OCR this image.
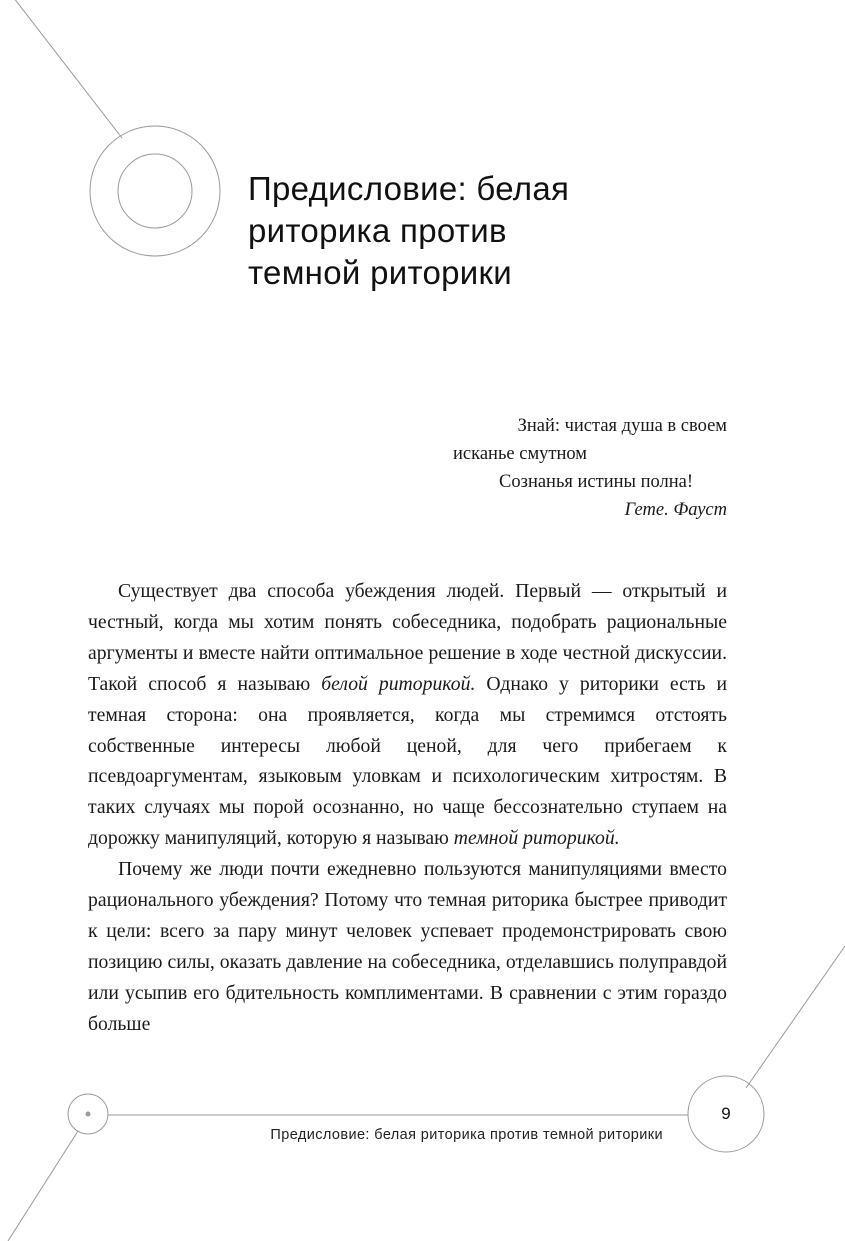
Предисловие: белая
риторика против
темной риторики
Знай: чистая душа в своем
исканье смутном
Сознанья истины полна!
Гете. Фауст

Существует два способа убеждения людей. Первый — открытый и честный, когда мы хотим понять собеседника, подобрать рациональные аргументы и вместе найти оптимальное решение в ходе честной дискуссии. Такой способ я называю белой риторикой. Однако у риторики есть и темная сторона: она проявляется, когда мы стремимся отстоять собственные интересы любой ценой, для чего прибегаем к псевдоаргументам, языковым уловкам и психологическим хитростям. В таких случаях мы порой осознанно, но чаще бессознательно ступаем на дорожку манипуляций, которую я называю темной риторикой.

Почему же люди почти ежедневно пользуются манипуляциями вместо рационального убеждения? Потому что темная риторика быстрее приводит к цели: всего за пару минут человек успевает продемонстрировать свою позицию силы, оказать давление на собеседника, отделавшись полуправдой или усыпив его бдительность комплиментами. В сравнении с этим гораздо больше

9
Предисловие: белая риторика против темной риторики
